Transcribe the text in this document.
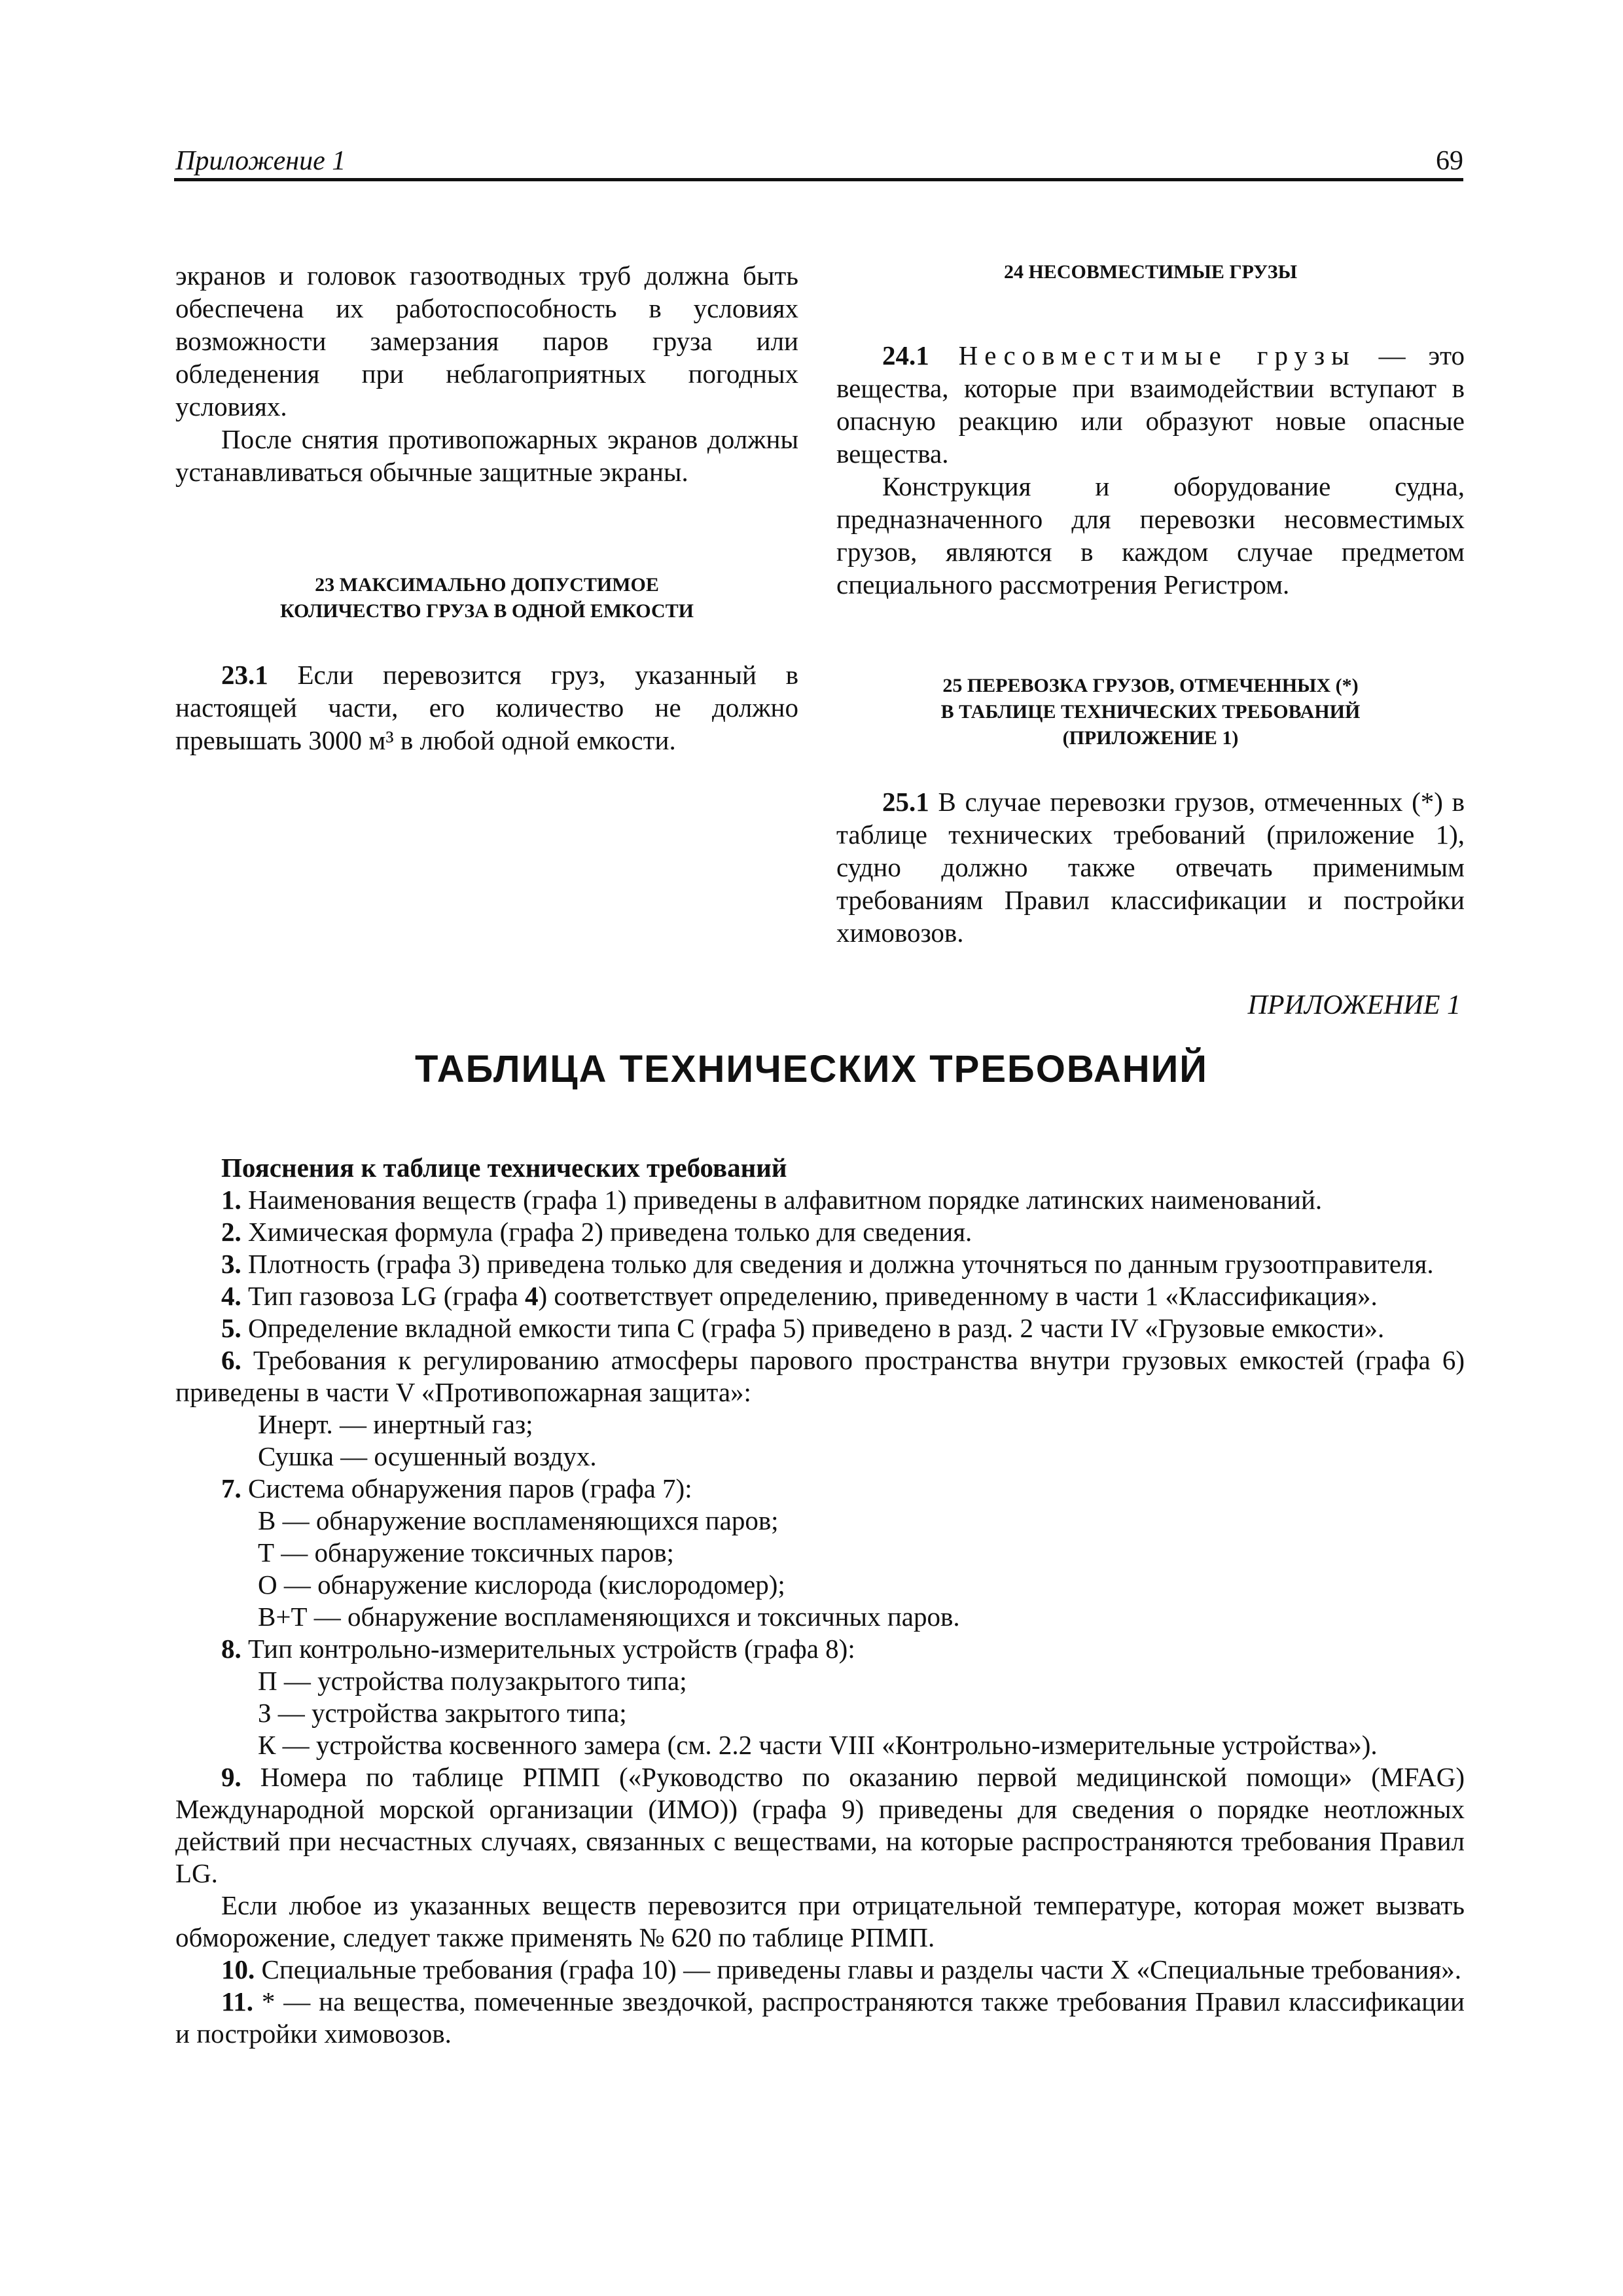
Приложение 1	69

экранов и головок газоотводных труб должна быть обеспечена их работоспособность в условиях возможности замерзания паров груза или обледенения при неблагоприятных погодных условиях.

После снятия противопожарных экранов должны устанавливаться обычные защитные экраны.

23 МАКСИМАЛЬНО ДОПУСТИМОЕ

КОЛИЧЕСТВО ГРУЗА В ОДНОЙ ЕМКОСТИ

23.1 Если перевозится груз, указанный в настоящей части, его количество не должно превышать 3000 м³ в любой одной емкости.

24 НЕСОВМЕСТИМЫЕ ГРУЗЫ

24.1 Несовместимые грузы — это вещества, которые при взаимодействии вступают в опасную реакцию или образуют новые опасные вещества.

Конструкция и оборудование судна, предназначенного для перевозки несовместимых грузов, являются в каждом случае предметом специального рассмотрения Регистром.

25 ПЕРЕВОЗКА ГРУЗОВ, ОТМЕЧЕННЫХ (*)

В ТАБЛИЦЕ ТЕХНИЧЕСКИХ ТРЕБОВАНИЙ

(ПРИЛОЖЕНИЕ 1)

25.1 В случае перевозки грузов, отмеченных (*) в таблице технических требований (приложение 1), судно должно также отвечать применимым требованиям Правил классификации и постройки химовозов.

ПРИЛОЖЕНИЕ 1
ТАБЛИЦА ТЕХНИЧЕСКИХ ТРЕБОВАНИЙ

Пояснения к таблице технических требований

1. Наименования веществ (графа 1) приведены в алфавитном порядке латинских наименований.

2. Химическая формула (графа 2) приведена только для сведения.

3. Плотность (графа 3) приведена только для сведения и должна уточняться по данным грузоотправителя.

4. Тип газовоза LG (графа 4) соответствует определению, приведенному в части 1 «Классификация».

5. Определение вкладной емкости типа C (графа 5) приведено в разд. 2 части IV «Грузовые емкости».

6. Требования к регулированию атмосферы парового пространства внутри грузовых емкостей (графа 6) приведены в части V «Противопожарная защита»:

Инерт. — инертный газ;

Сушка — осушенный воздух.

7. Система обнаружения паров (графа 7):

В — обнаружение воспламеняющихся паров;

Т — обнаружение токсичных паров;

О — обнаружение кислорода (кислородомер);

В+Т — обнаружение воспламеняющихся и токсичных паров.

8. Тип контрольно-измерительных устройств (графа 8):

П — устройства полузакрытого типа;

З — устройства закрытого типа;

К — устройства косвенного замера (см. 2.2 части VIII «Контрольно-измерительные устройства»).

9. Номера по таблице РПМП («Руководство по оказанию первой медицинской помощи» (MFAG) Международной морской организации (ИМО)) (графа 9) приведены для сведения о порядке неотложных действий при несчастных случаях, связанных с веществами, на которые распространяются требования Правил LG.

Если любое из указанных веществ перевозится при отрицательной температуре, которая может вызвать обморожение, следует также применять № 620 по таблице РПМП.

10. Специальные требования (графа 10) — приведены главы и разделы части X «Специальные требования».

11. * — на вещества, помеченные звездочкой, распространяются также требования Правил классификации и постройки химовозов.
